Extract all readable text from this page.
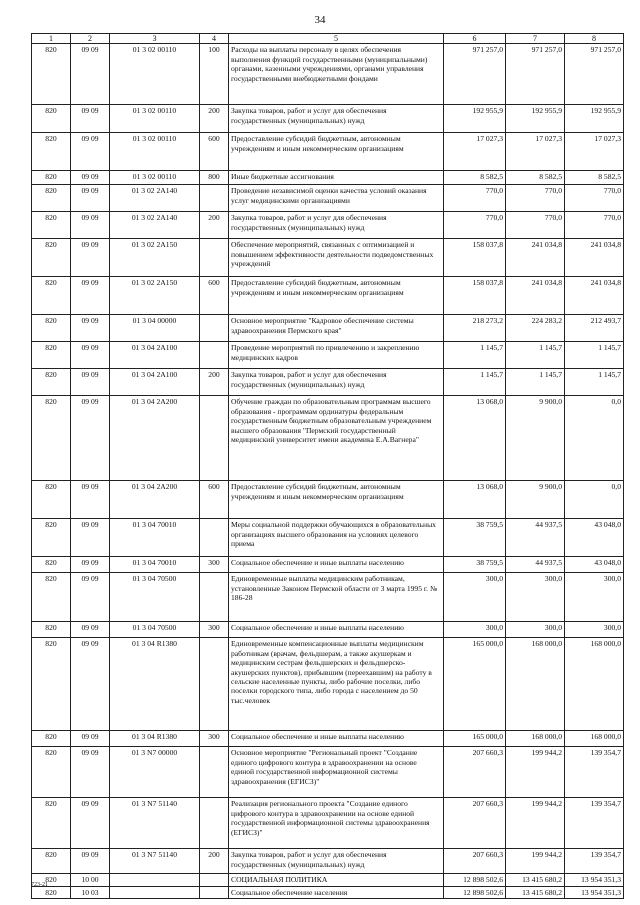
34
1	2	3	4	5	6	7	8
820	09 09	01 3 02 00110	100	Расходы на выплаты персоналу в целях обеспечения выполнения функций государственными (муниципальными) органами, казенными учреждениями, органами управления государственными внебюджетными фондами	971 257,0	971 257,0	971 257,0
820	09 09	01 3 02 00110	200	Закупка товаров, работ и услуг для обеспечения государственных (муниципальных) нужд	192 955,9	192 955,9	192 955,9
820	09 09	01 3 02 00110	600	Предоставление субсидий бюджетным, автономным учреждениям и иным некоммерческим организациям	17 027,3	17 027,3	17 027,3
820	09 09	01 3 02 00110	800	Иные бюджетные ассигнования	8 582,5	8 582,5	8 582,5
820	09 09	01 3 02 2А140		Проведение независимой оценки качества условий оказания услуг медицинскими организациями	770,0	770,0	770,0
820	09 09	01 3 02 2А140	200	Закупка товаров, работ и услуг для обеспечения государственных (муниципальных) нужд	770,0	770,0	770,0
820	09 09	01 3 02 2А150		Обеспечение мероприятий, связанных с оптимизацией и повышением эффективности деятельности подведомственных учреждений	158 037,8	241 034,8	241 034,8
820	09 09	01 3 02 2А150	600	Предоставление субсидий бюджетным, автономным учреждениям и иным некоммерческим организациям	158 037,8	241 034,8	241 034,8
820	09 09	01 3 04 00000		Основное мероприятие "Кадровое обеспечение системы здравоохранения Пермского края"	218 273,2	224 283,2	212 493,7
820	09 09	01 3 04 2А100		Проведение мероприятий по привлечению и закреплению медицинских кадров	1 145,7	1 145,7	1 145,7
820	09 09	01 3 04 2А100	200	Закупка товаров, работ и услуг для обеспечения государственных (муниципальных) нужд	1 145,7	1 145,7	1 145,7
820	09 09	01 3 04 2А200		Обучение граждан по образовательным программам высшего образования - программам ординатуры федеральным государственным бюджетным образовательным учреждением высшего образования "Пермский государственный медицинский университет имени академика Е.А.Вагнера"	13 068,0	9 900,0	0,0
820	09 09	01 3 04 2А200	600	Предоставление субсидий бюджетным, автономным учреждениям и иным некоммерческим организациям	13 068,0	9 900,0	0,0
820	09 09	01 3 04 70010		Меры социальной поддержки обучающихся в образовательных организациях высшего образования на условиях целевого приема	38 759,5	44 937,5	43 048,0
820	09 09	01 3 04 70010	300	Социальное обеспечение и иные выплаты населению	38 759,5	44 937,5	43 048,0
820	09 09	01 3 04 70500		Единовременные выплаты медицинским работникам, установленные Законом Пермской области от 3 марта 1995 г. № 186-28	300,0	300,0	300,0
820	09 09	01 3 04 70500	300	Социальное обеспечение и иные выплаты населению	300,0	300,0	300,0
820	09 09	01 3 04 R1380		Единовременные компенсационные выплаты медицинским работникам (врачам, фельдшерам, а также акушеркам и медицинским сестрам фельдшерских и фельдшерско-акушерских пунктов), прибывшим (переехавшим) на работу в сельские населенные пункты, либо рабочие поселки, либо поселки городского типа, либо города с населением до 50 тыс.человек	165 000,0	168 000,0	168 000,0
820	09 09	01 3 04 R1380	300	Социальное обеспечение и иные выплаты населению	165 000,0	168 000,0	168 000,0
820	09 09	01 3 N7 00000		Основное мероприятие "Региональный проект "Создание единого цифрового контура в здравоохранении на основе единой государственной информационной системы здравоохранения (ЕГИСЗ)"	207 660,3	199 944,2	139 354,7
820	09 09	01 3 N7 51140		Реализация регионального проекта "Создание единого цифрового контура в здравоохранении на основе единой государственной информационной системы здравоохранения (ЕГИСЗ)"	207 660,3	199 944,2	139 354,7
820	09 09	01 3 N7 51140	200	Закупка товаров, работ и услуг для обеспечения государственных (муниципальных) нужд	207 660,3	199 944,2	139 354,7
820	10 00			СОЦИАЛЬНАЯ ПОЛИТИКА	12 898 502,6	13 415 680,2	13 954 351,3
820	10 03			Социальное обеспечение населения	12 898 502,6	13 415 680,2	13 954 351,3
723-21
